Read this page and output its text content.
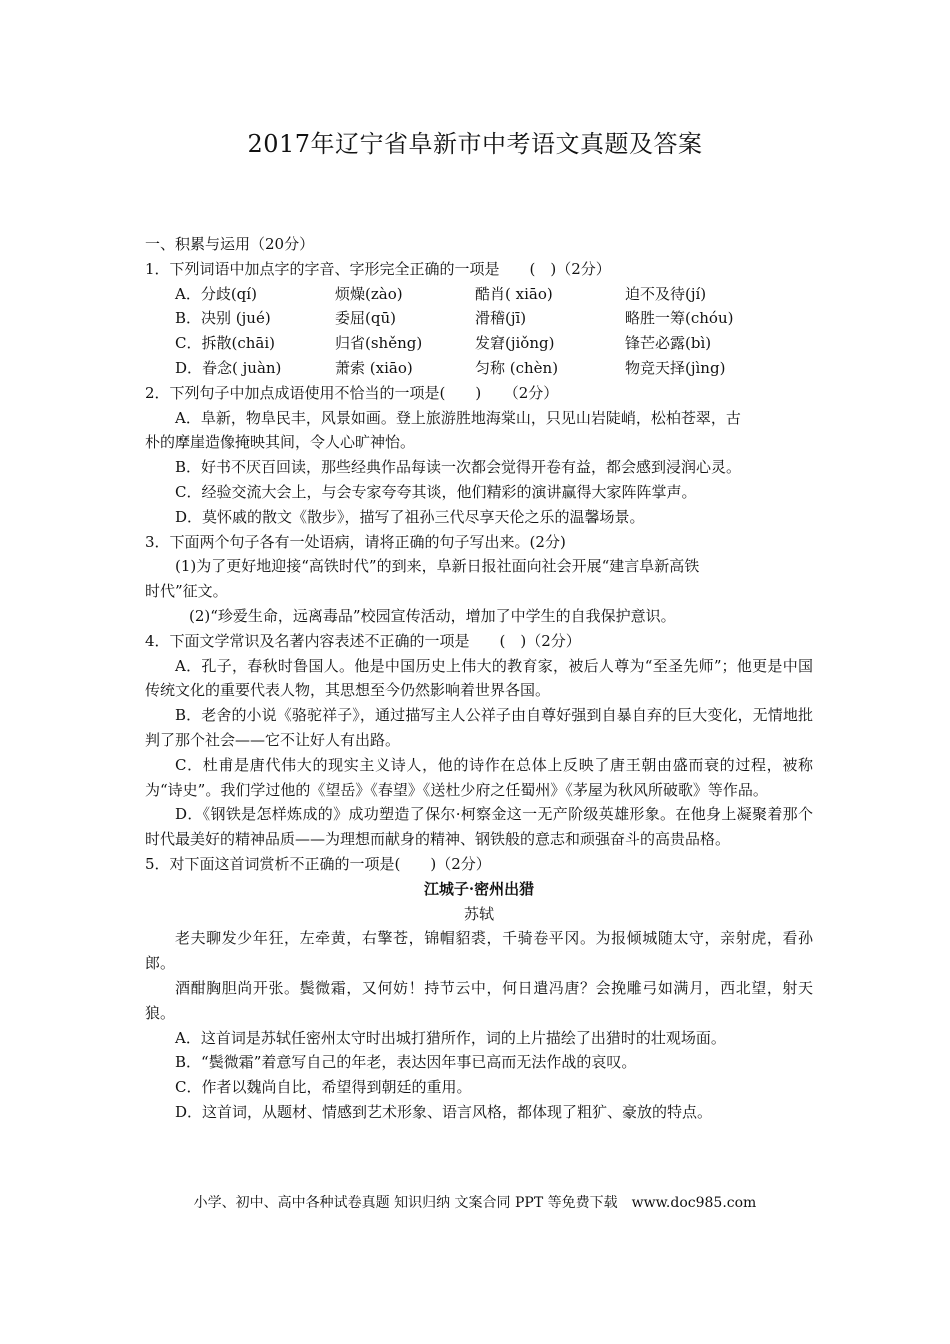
2017年辽宁省阜新市中考语文真题及答案
一、积累与运用（20分）
1．下列词语中加点字的字音、字形完全正确的一项是　　(　)（2分）
A．分歧(qí)	烦燥(zào)	酷肖( xiāo)	迫不及待(jí)
B．决别 (jué)	委屈(qū)	滑稽(jī)	略胜一筹(chóu)
C．拆散(chāi)	归省(shěng)	发窘(jiǒng)	锋芒必露(bì)
D．眷念( juàn)	萧索 (xiāo)	匀称 (chèn)	物竞天择(jìng)
2．下列句子中加点成语使用不恰当的一项是(　　)　　（2分）
A．阜新，物阜民丰，风景如画。登上旅游胜地海棠山，只见山岩陡峭，松柏苍翠，古
朴的摩崖造像掩映其间，令人心旷神怡。
B．好书不厌百回读，那些经典作品每读一次都会觉得开卷有益，都会感到浸润心灵。
C．经验交流大会上，与会专家夸夸其谈，他们精彩的演讲赢得大家阵阵掌声。
D．莫怀戚的散文《散步》，描写了祖孙三代尽享天伦之乐的温馨场景。
3．下面两个句子各有一处语病，请将正确的句子写出来。(2分)
(1)为了更好地迎接“高铁时代”的到来，阜新日报社面向社会开展“建言阜新高铁
时代”征文。
(2)“珍爱生命，远离毒品”校园宣传活动，增加了中学生的自我保护意识。
4．下面文学常识及名著内容表述不正确的一项是　　(　)（2分）
A．孔子，春秋时鲁国人。他是中国历史上伟大的教育家，被后人尊为“至圣先师”；他更是中国传统文化的重要代表人物，其思想至今仍然影响着世界各国。
B．老舍的小说《骆驼祥子》，通过描写主人公祥子由自尊好强到自暴自弃的巨大变化，无情地批判了那个社会——它不让好人有出路。
C．杜甫是唐代伟大的现实主义诗人，他的诗作在总体上反映了唐王朝由盛而衰的过程，被称为“诗史”。我们学过他的《望岳》《春望》《送杜少府之任蜀州》《茅屋为秋风所破歌》等作品。
D．《钢铁是怎样炼成的》成功塑造了保尔·柯察金这一无产阶级英雄形象。在他身上凝聚着那个时代最美好的精神品质——为理想而献身的精神、钢铁般的意志和顽强奋斗的高贵品格。
5．对下面这首词赏析不正确的一项是(　　)（2分）
江城子·密州出猎
苏轼
老夫聊发少年狂，左牵黄，右擎苍，锦帽貂裘，千骑卷平冈。为报倾城随太守，亲射虎，看孙郎。
酒酣胸胆尚开张。鬓微霜，又何妨！持节云中，何日遣冯唐？会挽雕弓如满月，西北望，射天狼。
A．这首词是苏轼任密州太守时出城打猎所作，词的上片描绘了出猎时的壮观场面。
B．“鬓微霜”着意写自己的年老，表达因年事已高而无法作战的哀叹。
C．作者以魏尚自比，希望得到朝廷的重用。
D．这首词，从题材、情感到艺术形象、语言风格，都体现了粗犷、豪放的特点。
小学、初中、高中各种试卷真题 知识归纳 文案合同 PPT 等免费下载　www.doc985.com
